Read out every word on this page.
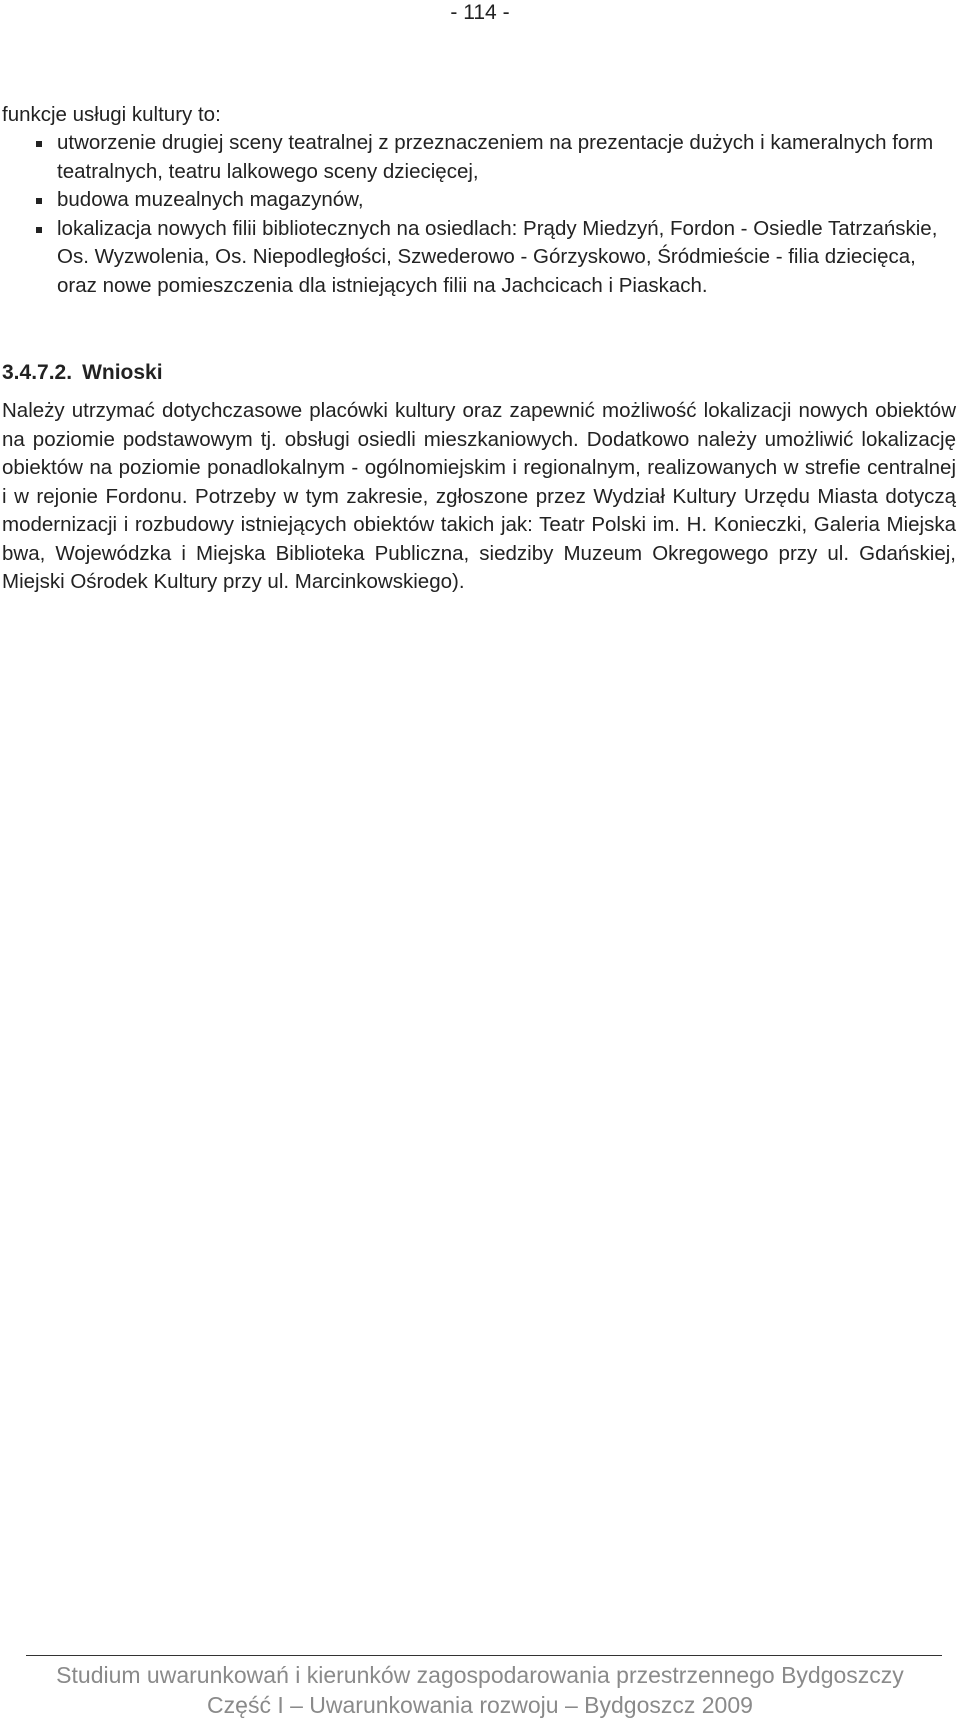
- 114 -
funkcje usługi kultury to:
utworzenie drugiej sceny teatralnej z przeznaczeniem na prezentacje dużych i kameralnych form teatralnych, teatru lalkowego sceny dziecięcej,
budowa muzealnych magazynów,
lokalizacja nowych filii bibliotecznych na osiedlach: Prądy Miedzyń, Fordon - Osiedle Tatrzańskie, Os. Wyzwolenia, Os. Niepodległości, Szwederowo - Górzyskowo, Śródmieście - filia dziecięca, oraz nowe pomieszczenia dla istniejących filii na Jachcicach i Piaskach.
3.4.7.2. Wnioski

Należy utrzymać dotychczasowe placówki kultury oraz zapewnić możliwość lokalizacji nowych obiektów na poziomie podstawowym tj. obsługi osiedli mieszkaniowych. Dodatkowo należy umożliwić lokalizację obiektów na poziomie ponadlokalnym - ogólnomiejskim i regionalnym, realizowanych w strefie centralnej i w rejonie Fordonu. Potrzeby w tym zakresie, zgłoszone przez Wydział Kultury Urzędu Miasta dotyczą modernizacji i rozbudowy istniejących obiektów takich jak: Teatr Polski im. H. Konieczki, Galeria Miejska bwa, Wojewódzka i Miejska Biblioteka Publiczna, siedziby Muzeum Okregowego przy ul. Gdańskiej, Miejski Ośrodek Kultury przy ul. Marcinkowskiego).

Studium uwarunkowań i kierunków zagospodarowania przestrzennego Bydgoszczy
Część I – Uwarunkowania rozwoju – Bydgoszcz 2009
